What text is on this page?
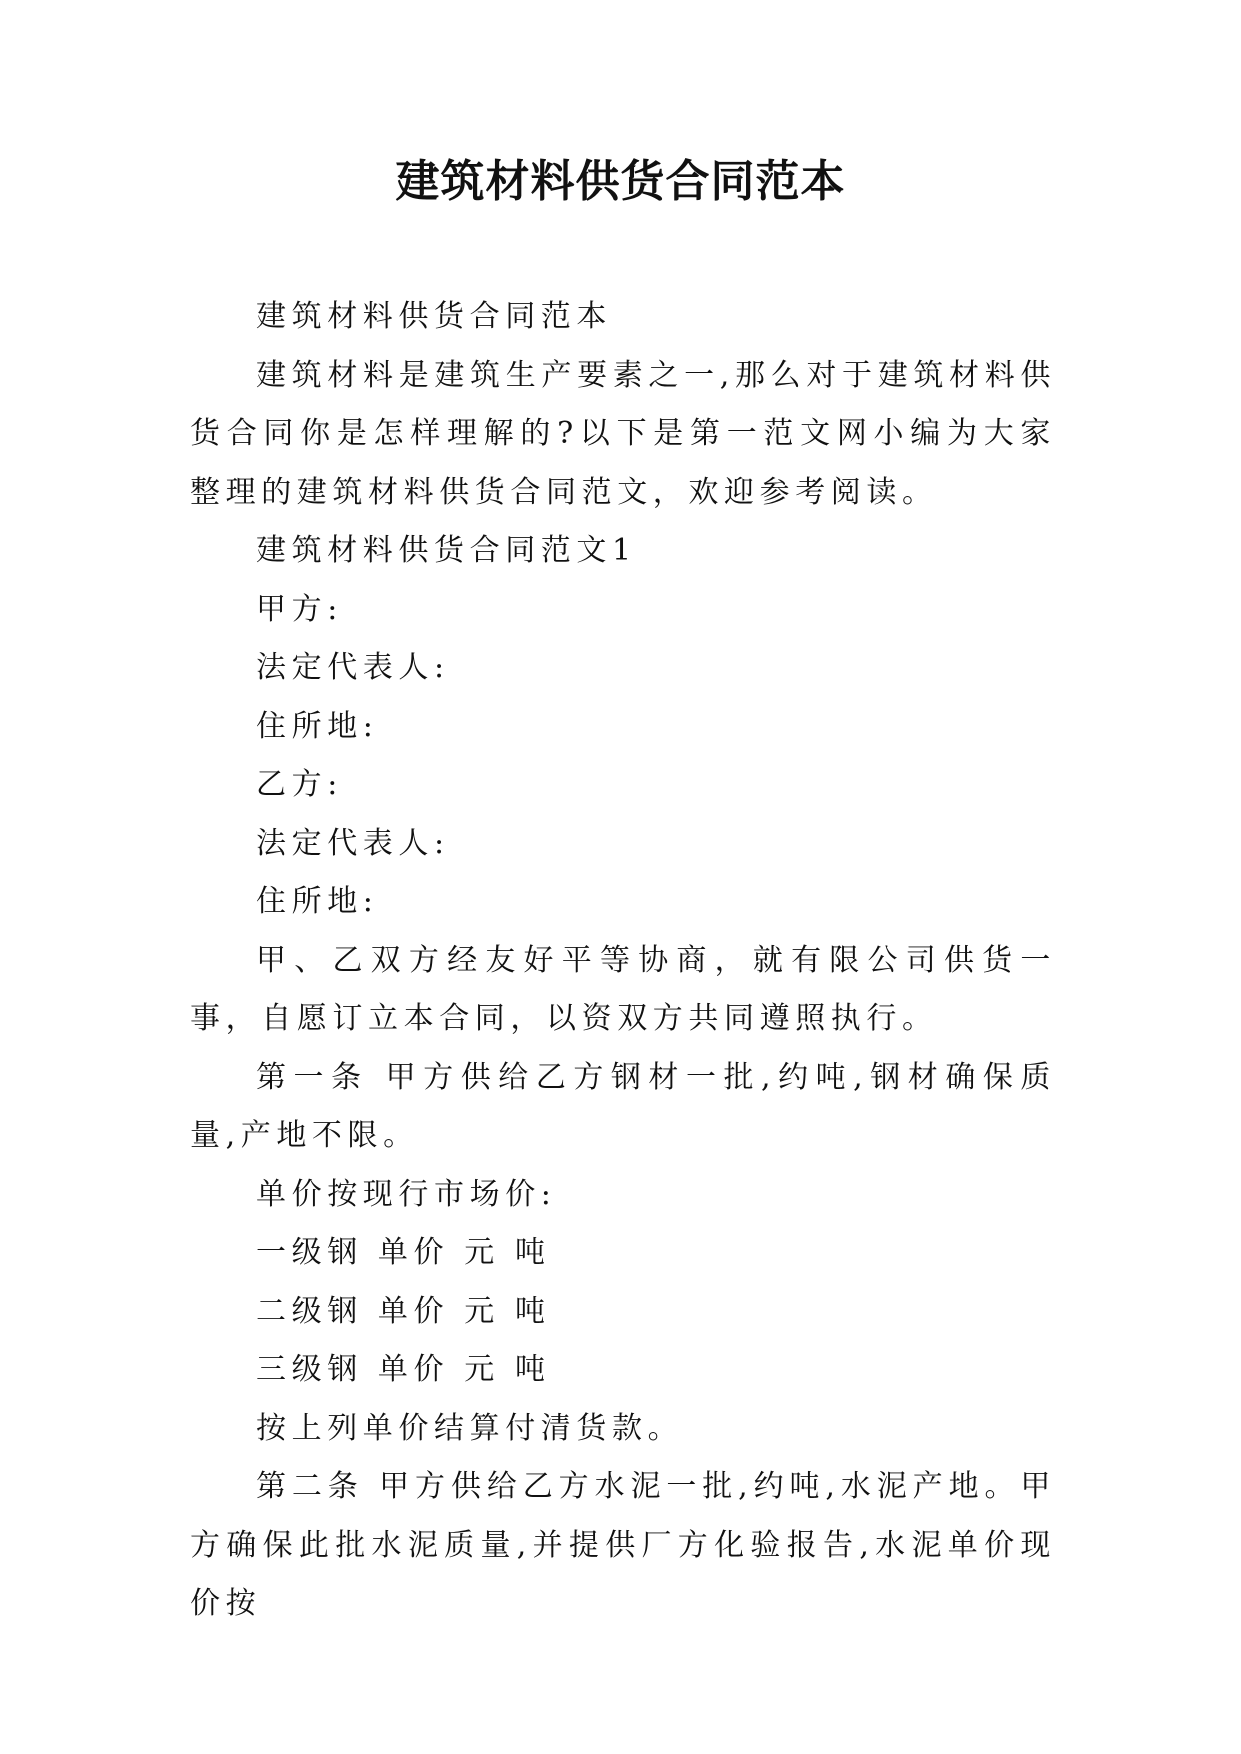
建筑材料供货合同范本

建筑材料供货合同范本

建筑材料是建筑生产要素之一,那么对于建筑材料供货合同你是怎样理解的?以下是第一范文网小编为大家整理的建筑材料供货合同范文，欢迎参考阅读。

建筑材料供货合同范文1

甲方:

法定代表人:

住所地:

乙方:

法定代表人:

住所地:

甲、乙双方经友好平等协商，就有限公司供货一事，自愿订立本合同，以资双方共同遵照执行。

第一条 甲方供给乙方钢材一批,约吨,钢材确保质量,产地不限。

单价按现行市场价:

一级钢 单价 元 吨

二级钢 单价 元 吨

三级钢 单价 元 吨

按上列单价结算付清货款。

第二条 甲方供给乙方水泥一批,约吨,水泥产地。甲方确保此批水泥质量,并提供厂方化验报告,水泥单价现价按
